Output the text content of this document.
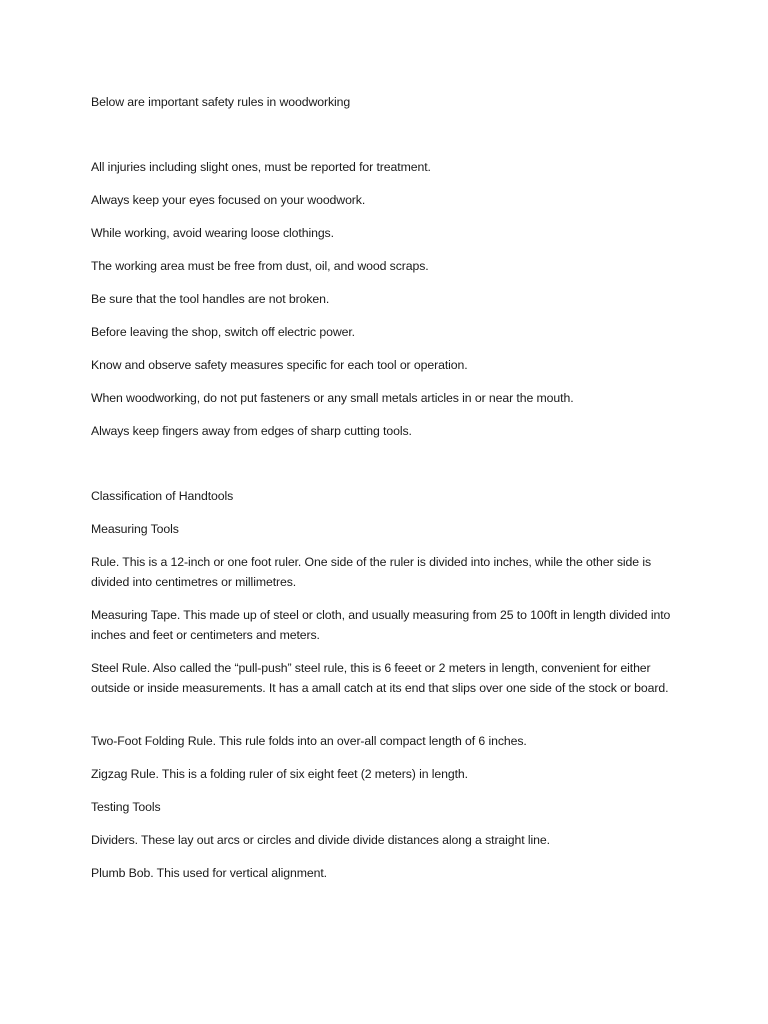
Below are important safety rules in woodworking

All injuries including slight ones, must be reported for treatment.

Always keep your eyes focused on your woodwork.

While working, avoid wearing loose clothings.

The working area must be free from dust, oil, and wood scraps.

Be sure that the tool handles are not broken.

Before leaving the shop, switch off electric power.

Know and observe safety measures specific for each tool or operation.

When woodworking, do not put fasteners or any small metals articles in or near the mouth.

Always keep fingers away from edges of sharp cutting tools.

Classification of Handtools

Measuring Tools

Rule. This is a 12-inch or one foot ruler. One side of the ruler is divided into inches, while the other side is divided into centimetres or millimetres.

Measuring Tape. This made up of steel or cloth, and usually measuring from 25 to 100ft in length divided into inches and feet or centimeters and meters.

Steel Rule. Also called the “pull-push” steel rule, this is 6 feeet or 2 meters in length, convenient for either outside or inside measurements. It has a amall catch at its end that slips over one side of the stock or board.

Two-Foot Folding Rule. This rule folds into an over-all compact length of 6 inches.

Zigzag Rule. This is a folding ruler of six eight feet (2 meters) in length.

Testing Tools

Dividers. These lay out arcs or circles and divide divide distances along a straight line.

Plumb Bob. This used for vertical alignment.
